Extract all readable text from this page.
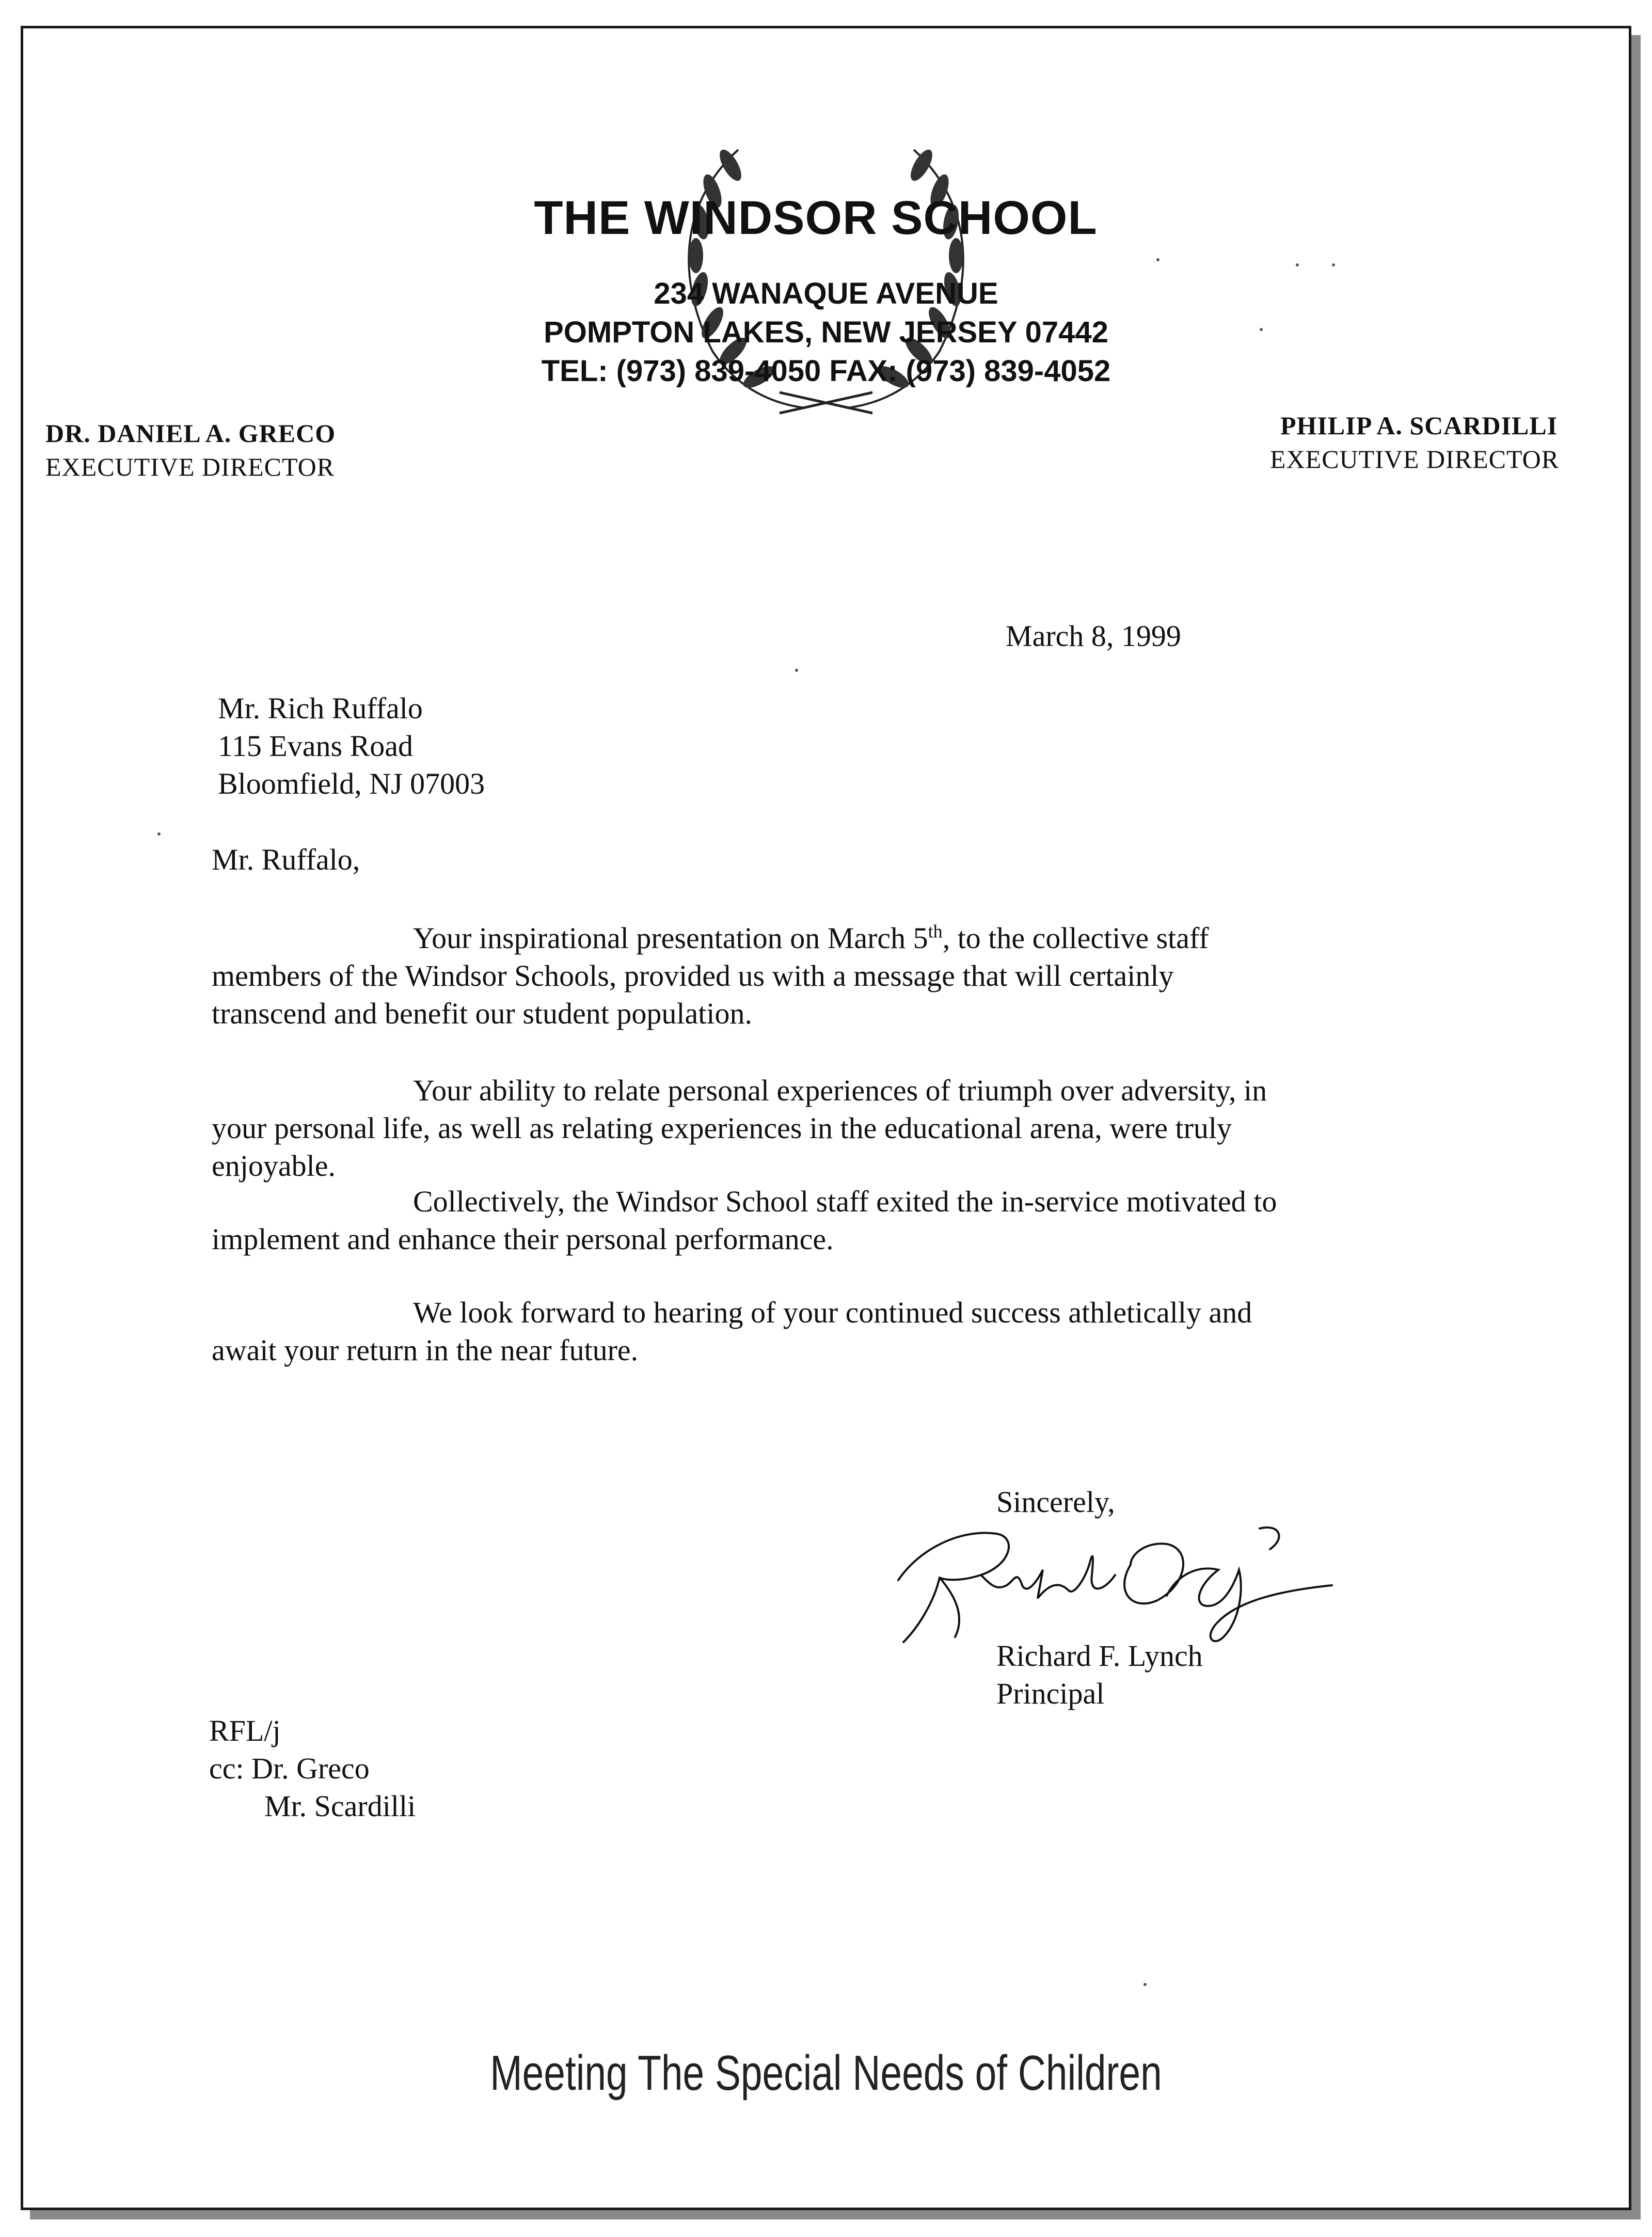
THE WINDSOR SCHOOL
234 WANAQUE AVENUE
POMPTON LAKES, NEW JERSEY 07442
TEL: (973) 839-4050 FAX: (973) 839-4052
DR. DANIEL A. GRECO
EXECUTIVE DIRECTOR
PHILIP A. SCARDILLI
EXECUTIVE DIRECTOR
March 8, 1999
Mr. Rich Ruffalo
115 Evans Road
Bloomfield, NJ 07003
Mr. Ruffalo,
Your inspirational presentation on March 5th, to the collective staff
members of the Windsor Schools, provided us with a message that will certainly
transcend and benefit our student population.
Your ability to relate personal experiences of triumph over adversity, in
your personal life, as well as relating experiences in the educational arena, were truly
enjoyable.
Collectively, the Windsor School staff exited the in-service motivated to
implement and enhance their personal performance.
We look forward to hearing of your continued success athletically and
await your return in the near future.
Sincerely,
Richard F. Lynch
Principal
RFL/j
cc: Dr. Greco
Mr. Scardilli
Meeting The Special Needs of Children
